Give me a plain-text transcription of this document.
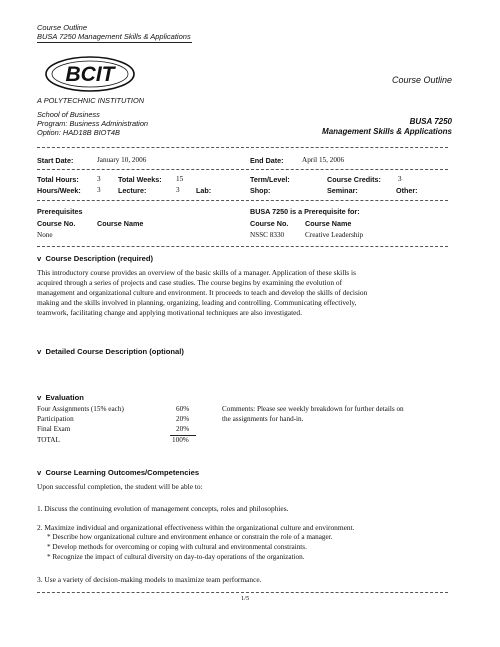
Course Outline
BUSA 7250 Management Skills & Applications
BCIT
A POLYTECHNIC INSTITUTION
Course Outline
School of Business
Program: Business Administration
Option: HAD18B BIOT4B
BUSA 7250
Management Skills & Applications
Start Date:	January 10, 2006	End Date:	April 15, 2006
Total Hours:	3 Total Weeks: 15	Term/Level:	Course Credits: 3
Hours/Week: 3 Lecture:	3 Lab:	Shop:	Seminar:	Other:
Prerequisites
Course No.	Course Name
None
BUSA 7250 is a Prerequisite for:
Course No. Course Name
NSSC 8330	Creative Leadership
v Course Description (required)
This introductory course provides an overview of the basic skills of a manager. Application of these skills is
acquired through a series of projects and case studies. The course begins by examining the evolution of
management and organizational culture and environment. It proceeds to teach and develop the skills of decision
making and the skills involved in planning, organizing, leading and controlling. Communicating effectively,
teamwork, facilitating change and applying motivational techniques are also investigated.
v Detailed Course Description (optional)
v Evaluation
Four Assignments (15% each)	60%
Participation	20%
Final Exam	20%
TOTAL	100%
Comments: Please see weekly breakdown for further details on
the assignments for hand-in.
v Course Learning Outcomes/Competencies
Upon successful completion, the student will be able to:
1. Discuss the continuing evolution of management concepts, roles and philosophies.
2. Maximize individual and organizational effectiveness within the organizational culture and environment.
* Describe how organizational culture and environment enhance or constrain the role of a manager.
* Develop methods for overcoming or coping with cultural and environmental constraints.
* Recognize the impact of cultural diversity on day-to-day operations of the organization.
3. Use a variety of decision-making models to maximize team performance.
1/5
